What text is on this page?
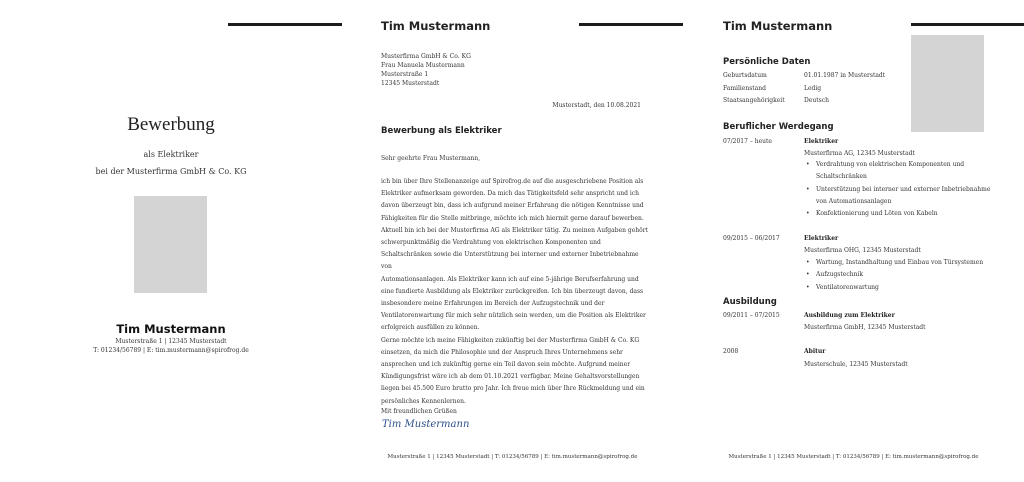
Bewerbung
als Elektriker
bei der Musterfirma GmbH & Co. KG
Tim Mustermann
Musterstraße 1 | 12345 Musterstadt
T: 01234/56789 | E: tim.mustermann@spirofrog.de
Tim Mustermann
Musterfirma GmbH & Co. KG
Frau Manuela Mustermann
Musterstraße 1
12345 Musterstadt
Musterstadt, den 10.08.2021
Bewerbung als Elektriker
Sehr geehrte Frau Mustermann,
ich bin über Ihre Stellenanzeige auf Spirofrog.de auf die ausgeschriebene Position als
Elektriker aufmerksam geworden. Da mich das Tätigkeitsfeld sehr anspricht und ich
davon überzeugt bin, dass ich aufgrund meiner Erfahrung die nötigen Kenntnisse und
Fähigkeiten für die Stelle mitbringe, möchte ich mich hiermit gerne darauf bewerben.
Aktuell bin ich bei der Musterfirma AG als Elektriker tätig. Zu meinen Aufgaben gehört
schwerpunktmäßig die Verdrahtung von elektrischen Komponenten und
Schaltschränken sowie die Unterstützung bei interner und externer Inbetriebnahme von
Automationsanlagen. Als Elektriker kann ich auf eine 5-jährige Berufserfahrung und
eine fundierte Ausbildung als Elektriker zurückgreifen. Ich bin überzeugt davon, dass
insbesondere meine Erfahrungen im Bereich der Aufzugstechnik und der
Ventilatorenwartung für mich sehr nützlich sein werden, um die Position als Elektriker
erfolgreich ausfüllen zu können.
Gerne möchte ich meine Fähigkeiten zukünftig bei der Musterfirma GmbH & Co. KG
einsetzen, da mich die Philosophie und der Anspruch Ihres Unternehmens sehr
ansprechen und ich zukünftig gerne ein Teil davon sein möchte. Aufgrund meiner
Kündigungsfrist wäre ich ab dem 01.10.2021 verfügbar. Meine Gehaltsvorstellungen
liegen bei 45.500 Euro brutto pro Jahr. Ich freue mich über Ihre Rückmeldung und ein
persönliches Kennenlernen.
Mit freundlichen Grüßen
Tim Mustermann
Musterstraße 1 | 12345 Musterstadt | T: 01234/56789 | E: tim.mustermann@spirofrog.de
Tim Mustermann
Persönliche Daten
Geburtsdatum	01.01.1987 in Musterstadt
Familienstand	Ledig
Staatsangehörigkeit	Deutsch
Beruflicher Werdegang
07/2017 – heute	Elektriker
Musterfirma AG, 12345 Musterstadt
• Verdrahtung von elektrischen Komponenten und
Schaltschränken
• Unterstützung bei interner und externer Inbetriebnahme
von Automationsanlagen
• Konfektionierung und Löten von Kabeln
09/2015 – 06/2017	Elektriker
Musterfirma OHG, 12345 Musterstadt
• Wartung, Instandhaltung und Einbau von Türsystemen
• Aufzugstechnik
• Ventilatorenwartung
Ausbildung
09/2011 – 07/2015	Ausbildung zum Elektriker
Musterfirma GmbH, 12345 Musterstadt
2008	Abitur
Musterschule, 12345 Musterstadt
Musterstraße 1 | 12345 Musterstadt | T: 01234/56789 | E: tim.mustermann@spirofrog.de
